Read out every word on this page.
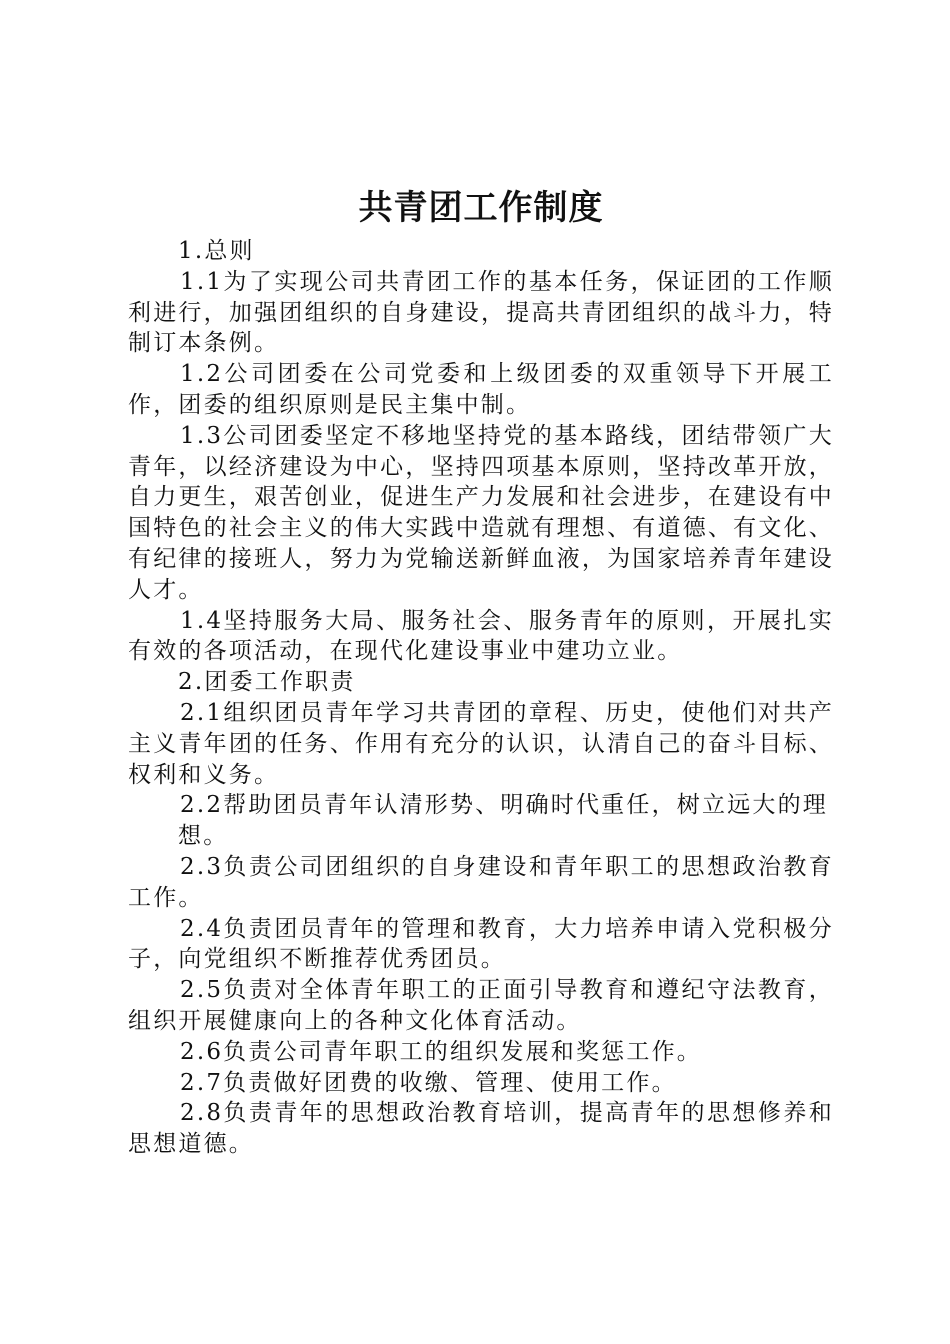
共青团工作制度

1.总则

1.1为了实现公司共青团工作的基本任务，保证团的工作顺利进行，加强团组织的自身建设，提高共青团组织的战斗力，特制订本条例。

1.2公司团委在公司党委和上级团委的双重领导下开展工作，团委的组织原则是民主集中制。

1.3公司团委坚定不移地坚持党的基本路线，团结带领广大青年，以经济建设为中心，坚持四项基本原则，坚持改革开放，自力更生，艰苦创业，促进生产力发展和社会进步，在建设有中国特色的社会主义的伟大实践中造就有理想、有道德、有文化、有纪律的接班人，努力为党输送新鲜血液，为国家培养青年建设人才。

1.4坚持服务大局、服务社会、服务青年的原则，开展扎实有效的各项活动，在现代化建设事业中建功立业。

2.团委工作职责

2.1组织团员青年学习共青团的章程、历史，使他们对共产主义青年团的任务、作用有充分的认识，认清自己的奋斗目标、权利和义务。

2.2帮助团员青年认清形势、明确时代重任，树立远大的理

想。

2.3负责公司团组织的自身建设和青年职工的思想政治教育工作。

2.4负责团员青年的管理和教育，大力培养申请入党积极分子，向党组织不断推荐优秀团员。

2.5负责对全体青年职工的正面引导教育和遵纪守法教育，组织开展健康向上的各种文化体育活动。

2.6负责公司青年职工的组织发展和奖惩工作。

2.7负责做好团费的收缴、管理、使用工作。

2.8负责青年的思想政治教育培训，提高青年的思想修养和思想道德。
